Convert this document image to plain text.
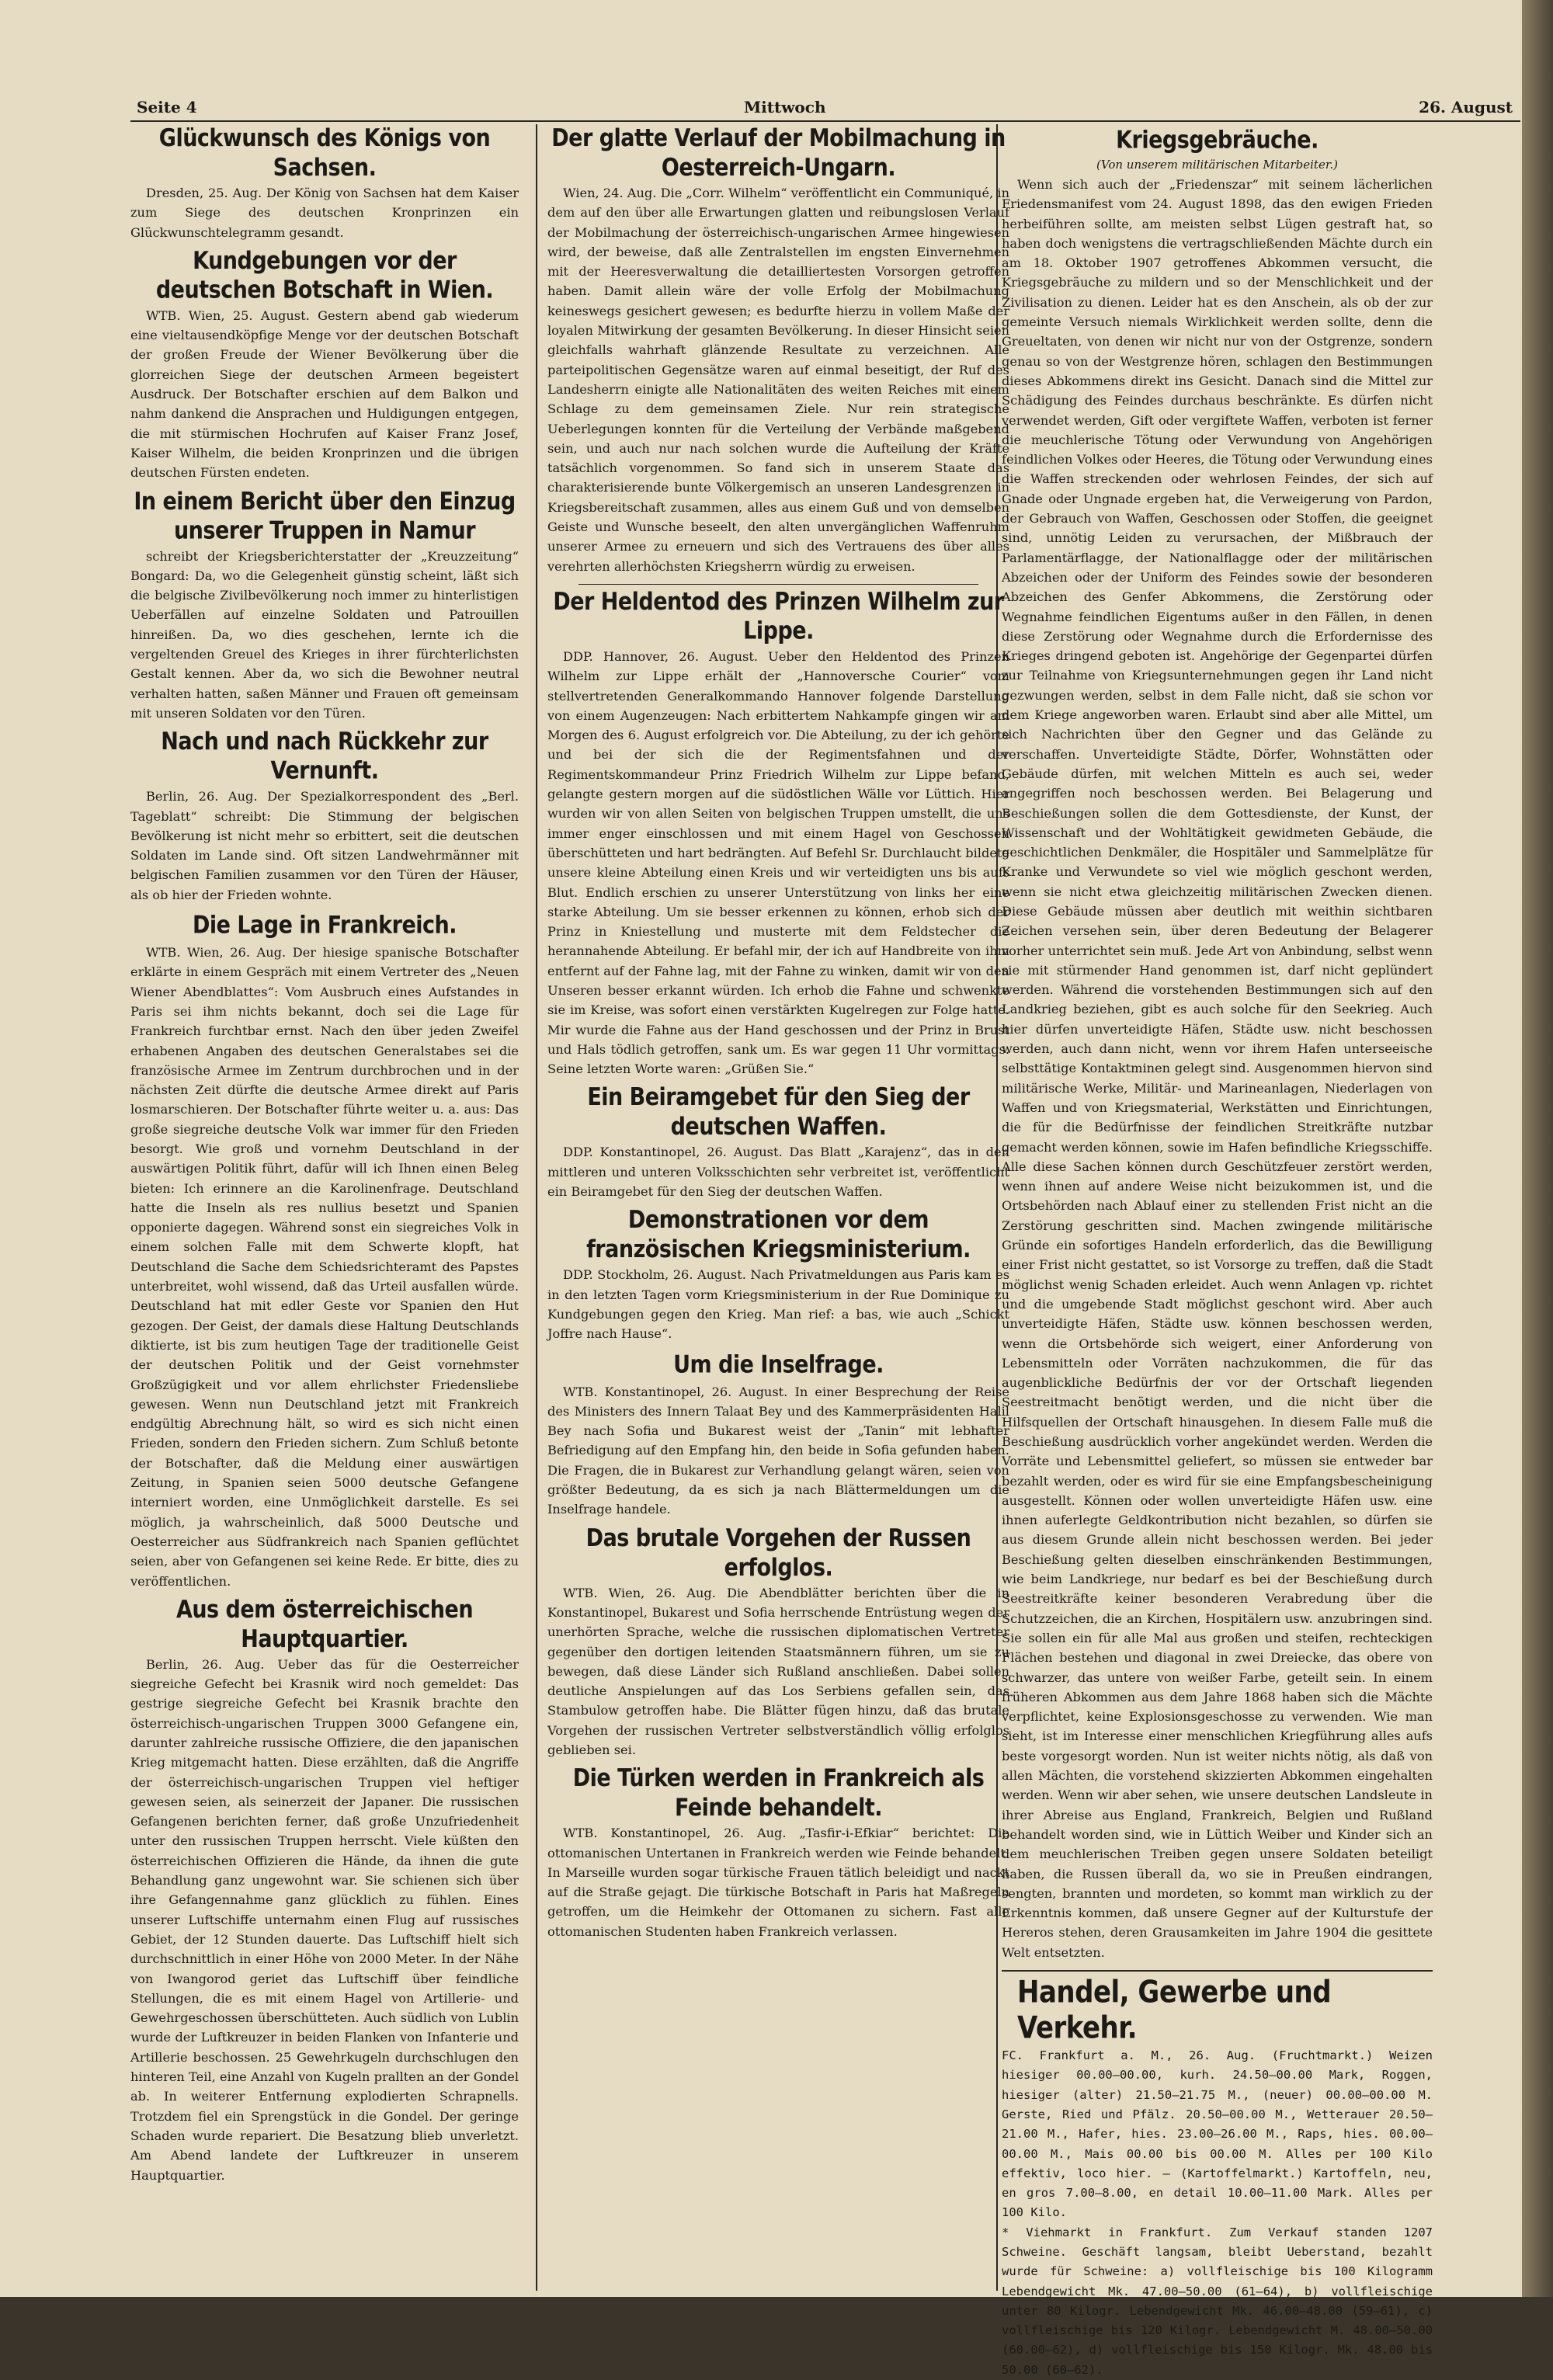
Seite 4	Mittwoch	26. August
Glückwunsch des Königs von Sachsen.

Dresden, 25. Aug. Der König von Sachsen hat dem Kaiser zum Siege des deutschen Kronprinzen ein Glückwunschtelegramm gesandt.

Kundgebungen vor der deutschen Botschaft in Wien.

WTB. Wien, 25. August. Gestern abend gab wiederum eine vieltausendköpfige Menge vor der deutschen Botschaft der großen Freude der Wiener Bevölkerung über die glorreichen Siege der deutschen Armeen begeistert Ausdruck. Der Botschafter erschien auf dem Balkon und nahm dankend die Ansprachen und Huldigungen entgegen, die mit stürmischen Hochrufen auf Kaiser Franz Josef, Kaiser Wilhelm, die beiden Kronprinzen und die übrigen deutschen Fürsten endeten.

In einem Bericht über den Einzug unserer Truppen in Namur

schreibt der Kriegsberichterstatter der „Kreuzzeitung“ Bongard: Da, wo die Gelegenheit günstig scheint, läßt sich die belgische Zivilbevölkerung noch immer zu hinterlistigen Ueberfällen auf einzelne Soldaten und Patrouillen hinreißen. Da, wo dies geschehen, lernte ich die vergeltenden Greuel des Krieges in ihrer fürchterlichsten Gestalt kennen. Aber da, wo sich die Bewohner neutral verhalten hatten, saßen Männer und Frauen oft gemeinsam mit unseren Soldaten vor den Türen.

Nach und nach Rückkehr zur Vernunft.

Berlin, 26. Aug. Der Spezialkorrespondent des „Berl. Tageblatt“ schreibt: Die Stimmung der belgischen Bevölkerung ist nicht mehr so erbittert, seit die deutschen Soldaten im Lande sind. Oft sitzen Landwehrmänner mit belgischen Familien zusammen vor den Türen der Häuser, als ob hier der Frieden wohnte.

Die Lage in Frankreich.

WTB. Wien, 26. Aug. Der hiesige spanische Botschafter erklärte in einem Gespräch mit einem Vertreter des „Neuen Wiener Abendblattes“: Vom Ausbruch eines Aufstandes in Paris sei ihm nichts bekannt, doch sei die Lage für Frankreich furchtbar ernst. Nach den über jeden Zweifel erhabenen Angaben des deutschen Generalstabes sei die französische Armee im Zentrum durchbrochen und in der nächsten Zeit dürfte die deutsche Armee direkt auf Paris losmarschieren. Der Botschafter führte weiter u. a. aus: Das große siegreiche deutsche Volk war immer für den Frieden besorgt. Wie groß und vornehm Deutschland in der auswärtigen Politik führt, dafür will ich Ihnen einen Beleg bieten: Ich erinnere an die Karolinenfrage. Deutschland hatte die Inseln als res nullius besetzt und Spanien opponierte dagegen. Während sonst ein siegreiches Volk in einem solchen Falle mit dem Schwerte klopft, hat Deutschland die Sache dem Schiedsrichteramt des Papstes unterbreitet, wohl wissend, daß das Urteil ausfallen würde. Deutschland hat mit edler Geste vor Spanien den Hut gezogen. Der Geist, der damals diese Haltung Deutschlands diktierte, ist bis zum heutigen Tage der traditionelle Geist der deutschen Politik und der Geist vornehmster Großzügigkeit und vor allem ehrlichster Friedensliebe gewesen. Wenn nun Deutschland jetzt mit Frankreich endgültig Abrechnung hält, so wird es sich nicht einen Frieden, sondern den Frieden sichern. Zum Schluß betonte der Botschafter, daß die Meldung einer auswärtigen Zeitung, in Spanien seien 5000 deutsche Gefangene interniert worden, eine Unmöglichkeit darstelle. Es sei möglich, ja wahrscheinlich, daß 5000 Deutsche und Oesterreicher aus Südfrankreich nach Spanien geflüchtet seien, aber von Gefangenen sei keine Rede. Er bitte, dies zu veröffentlichen.

Aus dem österreichischen Hauptquartier.

Berlin, 26. Aug. Ueber das für die Oesterreicher siegreiche Gefecht bei Krasnik wird noch gemeldet: Das gestrige siegreiche Gefecht bei Krasnik brachte den österreichisch-ungarischen Truppen 3000 Gefangene ein, darunter zahlreiche russische Offiziere, die den japanischen Krieg mitgemacht hatten. Diese erzählten, daß die Angriffe der österreichisch-ungarischen Truppen viel heftiger gewesen seien, als seinerzeit der Japaner. Die russischen Gefangenen berichten ferner, daß große Unzufriedenheit unter den russischen Truppen herrscht. Viele küßten den österreichischen Offizieren die Hände, da ihnen die gute Behandlung ganz ungewohnt war. Sie schienen sich über ihre Gefangennahme ganz glücklich zu fühlen. Eines unserer Luftschiffe unternahm einen Flug auf russisches Gebiet, der 12 Stunden dauerte. Das Luftschiff hielt sich durchschnittlich in einer Höhe von 2000 Meter. In der Nähe von Iwangorod geriet das Luftschiff über feindliche Stellungen, die es mit einem Hagel von Artillerie- und Gewehrgeschossen überschütteten. Auch südlich von Lublin wurde der Luftkreuzer in beiden Flanken von Infanterie und Artillerie beschossen. 25 Gewehrkugeln durchschlugen den hinteren Teil, eine Anzahl von Kugeln prallten an der Gondel ab. In weiterer Entfernung explodierten Schrapnells. Trotzdem fiel ein Sprengstück in die Gondel. Der geringe Schaden wurde repariert. Die Besatzung blieb unverletzt. Am Abend landete der Luftkreuzer in unserem Hauptquartier.

Der glatte Verlauf der Mobilmachung in Oesterreich-Ungarn.

Wien, 24. Aug. Die „Corr. Wilhelm“ veröffentlicht ein Communiqué, in dem auf den über alle Erwartungen glatten und reibungslosen Verlauf der Mobilmachung der österreichisch-ungarischen Armee hingewiesen wird, der beweise, daß alle Zentralstellen im engsten Einvernehmen mit der Heeresverwaltung die detailliertesten Vorsorgen getroffen haben. Damit allein wäre der volle Erfolg der Mobilmachung keineswegs gesichert gewesen; es bedurfte hierzu in vollem Maße der loyalen Mitwirkung der gesamten Bevölkerung. In dieser Hinsicht seien gleichfalls wahrhaft glänzende Resultate zu verzeichnen. Alle parteipolitischen Gegensätze waren auf einmal beseitigt, der Ruf des Landesherrn einigte alle Nationalitäten des weiten Reiches mit einem Schlage zu dem gemeinsamen Ziele. Nur rein strategische Ueberlegungen konnten für die Verteilung der Verbände maßgebend sein, und auch nur nach solchen wurde die Aufteilung der Kräfte tatsächlich vorgenommen. So fand sich in unserem Staate das charakterisierende bunte Völkergemisch an unseren Landesgrenzen in Kriegsbereitschaft zusammen, alles aus einem Guß und von demselben Geiste und Wunsche beseelt, den alten unvergänglichen Waffenruhm unserer Armee zu erneuern und sich des Vertrauens des über alles verehrten allerhöchsten Kriegsherrn würdig zu erweisen.

Der Heldentod des Prinzen Wilhelm zur Lippe.

DDP. Hannover, 26. August. Ueber den Heldentod des Prinzen Wilhelm zur Lippe erhält der „Hannoversche Courier“ vom stellvertretenden Generalkommando Hannover folgende Darstellung von einem Augenzeugen: Nach erbittertem Nahkampfe gingen wir am Morgen des 6. August erfolgreich vor. Die Abteilung, zu der ich gehörte und bei der sich die der Regimentsfahnen und der Regimentskommandeur Prinz Friedrich Wilhelm zur Lippe befand, gelangte gestern morgen auf die südöstlichen Wälle vor Lüttich. Hier wurden wir von allen Seiten von belgischen Truppen umstellt, die uns immer enger einschlossen und mit einem Hagel von Geschossen überschütteten und hart bedrängten. Auf Befehl Sr. Durchlaucht bildete unsere kleine Abteilung einen Kreis und wir verteidigten uns bis aufs Blut. Endlich erschien zu unserer Unterstützung von links her eine starke Abteilung. Um sie besser erkennen zu können, erhob sich der Prinz in Kniestellung und musterte mit dem Feldstecher die herannahende Abteilung. Er befahl mir, der ich auf Handbreite von ihm entfernt auf der Fahne lag, mit der Fahne zu winken, damit wir von den Unseren besser erkannt würden. Ich erhob die Fahne und schwenkte sie im Kreise, was sofort einen verstärkten Kugelregen zur Folge hatte. Mir wurde die Fahne aus der Hand geschossen und der Prinz in Brust und Hals tödlich getroffen, sank um. Es war gegen 11 Uhr vormittags. Seine letzten Worte waren: „Grüßen Sie.“

Ein Beiramgebet für den Sieg der deutschen Waffen.

DDP. Konstantinopel, 26. August. Das Blatt „Karajenz“, das in den mittleren und unteren Volksschichten sehr verbreitet ist, veröffentlicht ein Beiramgebet für den Sieg der deutschen Waffen.

Demonstrationen vor dem französischen Kriegsministerium.

DDP. Stockholm, 26. August. Nach Privatmeldungen aus Paris kam es in den letzten Tagen vorm Kriegsministerium in der Rue Dominique zu Kundgebungen gegen den Krieg. Man rief: a bas, wie auch „Schickt Joffre nach Hause“.

Um die Inselfrage.

WTB. Konstantinopel, 26. August. In einer Besprechung der Reise des Ministers des Innern Talaat Bey und des Kammerpräsidenten Halil Bey nach Sofia und Bukarest weist der „Tanin“ mit lebhafter Befriedigung auf den Empfang hin, den beide in Sofia gefunden haben. Die Fragen, die in Bukarest zur Verhandlung gelangt wären, seien von größter Bedeutung, da es sich ja nach Blättermeldungen um die Inselfrage handele.

Das brutale Vorgehen der Russen erfolglos.

WTB. Wien, 26. Aug. Die Abendblätter berichten über die in Konstantinopel, Bukarest und Sofia herrschende Entrüstung wegen der unerhörten Sprache, welche die russischen diplomatischen Vertreter gegenüber den dortigen leitenden Staatsmännern führen, um sie zu bewegen, daß diese Länder sich Rußland anschließen. Dabei sollen deutliche Anspielungen auf das Los Serbiens gefallen sein, das Stambulow getroffen habe. Die Blätter fügen hinzu, daß das brutale Vorgehen der russischen Vertreter selbstverständlich völlig erfolglos geblieben sei.

Die Türken werden in Frankreich als Feinde behandelt.

WTB. Konstantinopel, 26. Aug. „Tasfir-i-Efkiar“ berichtet: Die ottomanischen Untertanen in Frankreich werden wie Feinde behandelt. In Marseille wurden sogar türkische Frauen tätlich beleidigt und nackt auf die Straße gejagt. Die türkische Botschaft in Paris hat Maßregeln getroffen, um die Heimkehr der Ottomanen zu sichern. Fast alle ottomanischen Studenten haben Frankreich verlassen.

Kriegsgebräuche.
(Von unserem militärischen Mitarbeiter.)

Wenn sich auch der „Friedenszar“ mit seinem lächerlichen Friedensmanifest vom 24. August 1898, das den ewigen Frieden herbeiführen sollte, am meisten selbst Lügen gestraft hat, so haben doch wenigstens die vertragschließenden Mächte durch ein am 18. Oktober 1907 getroffenes Abkommen versucht, die Kriegsgebräuche zu mildern und so der Menschlichkeit und der Zivilisation zu dienen. Leider hat es den Anschein, als ob der zur gemeinte Versuch niemals Wirklichkeit werden sollte, denn die Greueltaten, von denen wir nicht nur von der Ostgrenze, sondern genau so von der Westgrenze hören, schlagen den Bestimmungen dieses Abkommens direkt ins Gesicht. Danach sind die Mittel zur Schädigung des Feindes durchaus beschränkte. Es dürfen nicht verwendet werden, Gift oder vergiftete Waffen, verboten ist ferner die meuchlerische Tötung oder Verwundung von Angehörigen feindlichen Volkes oder Heeres, die Tötung oder Verwundung eines die Waffen streckenden oder wehrlosen Feindes, der sich auf Gnade oder Ungnade ergeben hat, die Verweigerung von Pardon, der Gebrauch von Waffen, Geschossen oder Stoffen, die geeignet sind, unnötig Leiden zu verursachen, der Mißbrauch der Parlamentärflagge, der Nationalflagge oder der militärischen Abzeichen oder der Uniform des Feindes sowie der besonderen Abzeichen des Genfer Abkommens, die Zerstörung oder Wegnahme feindlichen Eigentums außer in den Fällen, in denen diese Zerstörung oder Wegnahme durch die Erfordernisse des Krieges dringend geboten ist. Angehörige der Gegenpartei dürfen zur Teilnahme von Kriegsunternehmungen gegen ihr Land nicht gezwungen werden, selbst in dem Falle nicht, daß sie schon vor dem Kriege angeworben waren. Erlaubt sind aber alle Mittel, um sich Nachrichten über den Gegner und das Gelände zu verschaffen. Unverteidigte Städte, Dörfer, Wohnstätten oder Gebäude dürfen, mit welchen Mitteln es auch sei, weder angegriffen noch beschossen werden. Bei Belagerung und Beschießungen sollen die dem Gottesdienste, der Kunst, der Wissenschaft und der Wohltätigkeit gewidmeten Gebäude, die geschichtlichen Denkmäler, die Hospitäler und Sammelplätze für Kranke und Verwundete so viel wie möglich geschont werden, wenn sie nicht etwa gleichzeitig militärischen Zwecken dienen. Diese Gebäude müssen aber deutlich mit weithin sichtbaren Zeichen versehen sein, über deren Bedeutung der Belagerer vorher unterrichtet sein muß. Jede Art von Anbindung, selbst wenn sie mit stürmender Hand genommen ist, darf nicht geplündert werden. Während die vorstehenden Bestimmungen sich auf den Landkrieg beziehen, gibt es auch solche für den Seekrieg. Auch hier dürfen unverteidigte Häfen, Städte usw. nicht beschossen werden, auch dann nicht, wenn vor ihrem Hafen unterseeische selbsttätige Kontaktminen gelegt sind. Ausgenommen hiervon sind militärische Werke, Militär- und Marineanlagen, Niederlagen von Waffen und von Kriegsmaterial, Werkstätten und Einrichtungen, die für die Bedürfnisse der feindlichen Streitkräfte nutzbar gemacht werden können, sowie im Hafen befindliche Kriegsschiffe. Alle diese Sachen können durch Geschützfeuer zerstört werden, wenn ihnen auf andere Weise nicht beizukommen ist, und die Ortsbehörden nach Ablauf einer zu stellenden Frist nicht an die Zerstörung geschritten sind. Machen zwingende militärische Gründe ein sofortiges Handeln erforderlich, das die Bewilligung einer Frist nicht gestattet, so ist Vorsorge zu treffen, daß die Stadt möglichst wenig Schaden erleidet. Auch wenn Anlagen vp. richtet und die umgebende Stadt möglichst geschont wird. Aber auch unverteidigte Häfen, Städte usw. können beschossen werden, wenn die Ortsbehörde sich weigert, einer Anforderung von Lebensmitteln oder Vorräten nachzukommen, die für das augenblickliche Bedürfnis der vor der Ortschaft liegenden Seestreitmacht benötigt werden, und die nicht über die Hilfsquellen der Ortschaft hinausgehen. In diesem Falle muß die Beschießung ausdrücklich vorher angekündet werden. Werden die Vorräte und Lebensmittel geliefert, so müssen sie entweder bar bezahlt werden, oder es wird für sie eine Empfangsbescheinigung ausgestellt. Können oder wollen unverteidigte Häfen usw. eine ihnen auferlegte Geldkontribution nicht bezahlen, so dürfen sie aus diesem Grunde allein nicht beschossen werden. Bei jeder Beschießung gelten dieselben einschränkenden Bestimmungen, wie beim Landkriege, nur bedarf es bei der Beschießung durch Seestreitkräfte keiner besonderen Verabredung über die Schutzzeichen, die an Kirchen, Hospitälern usw. anzubringen sind. Sie sollen ein für alle Mal aus großen und steifen, rechteckigen Flächen bestehen und diagonal in zwei Dreiecke, das obere von schwarzer, das untere von weißer Farbe, geteilt sein. In einem früheren Abkommen aus dem Jahre 1868 haben sich die Mächte verpflichtet, keine Explosionsgeschosse zu verwenden. Wie man sieht, ist im Interesse einer menschlichen Kriegführung alles aufs beste vorgesorgt worden. Nun ist weiter nichts nötig, als daß von allen Mächten, die vorstehend skizzierten Abkommen eingehalten werden. Wenn wir aber sehen, wie unsere deutschen Landsleute in ihrer Abreise aus England, Frankreich, Belgien und Rußland behandelt worden sind, wie in Lüttich Weiber und Kinder sich an dem meuchlerischen Treiben gegen unsere Soldaten beteiligt haben, die Russen überall da, wo sie in Preußen eindrangen, sengten, brannten und mordeten, so kommt man wirklich zu der Erkenntnis kommen, daß unsere Gegner auf der Kulturstufe der Hereros stehen, deren Grausamkeiten im Jahre 1904 die gesittete Welt entsetzten.

Handel, Gewerbe und Verkehr.

FC. Frankfurt a. M., 26. Aug. (Fruchtmarkt.) Weizen hiesiger 00.00—00.00, kurh. 24.50—00.00 Mark, Roggen, hiesiger (alter) 21.50—21.75 M., (neuer) 00.00—00.00 M. Gerste, Ried und Pfälz. 20.50—00.00 M., Wetterauer 20.50—21.00 M., Hafer, hies. 23.00—26.00 M., Raps, hies. 00.00—00.00 M., Mais 00.00 bis 00.00 M. Alles per 100 Kilo effektiv, loco hier. — (Kartoffelmarkt.) Kartoffeln, neu, en gros 7.00—8.00, en detail 10.00—11.00 Mark. Alles per 100 Kilo.

* Viehmarkt in Frankfurt. Zum Verkauf standen 1207 Schweine. Geschäft langsam, bleibt Ueberstand, bezahlt wurde für Schweine: a) vollfleischige bis 100 Kilogramm Lebendgewicht Mk. 47.00—50.00 (61—64), b) vollfleischige unter 80 Kilogr. Lebendgewicht Mk. 46.00—48.00 (59—61), c) vollfleischige bis 120 Kilogr. Lebendgewicht M. 48.00—50.00 (60.00—62), d) vollfleischige bis 150 Kilogr. Mk. 48.00 bis 50.00 (60—62).
